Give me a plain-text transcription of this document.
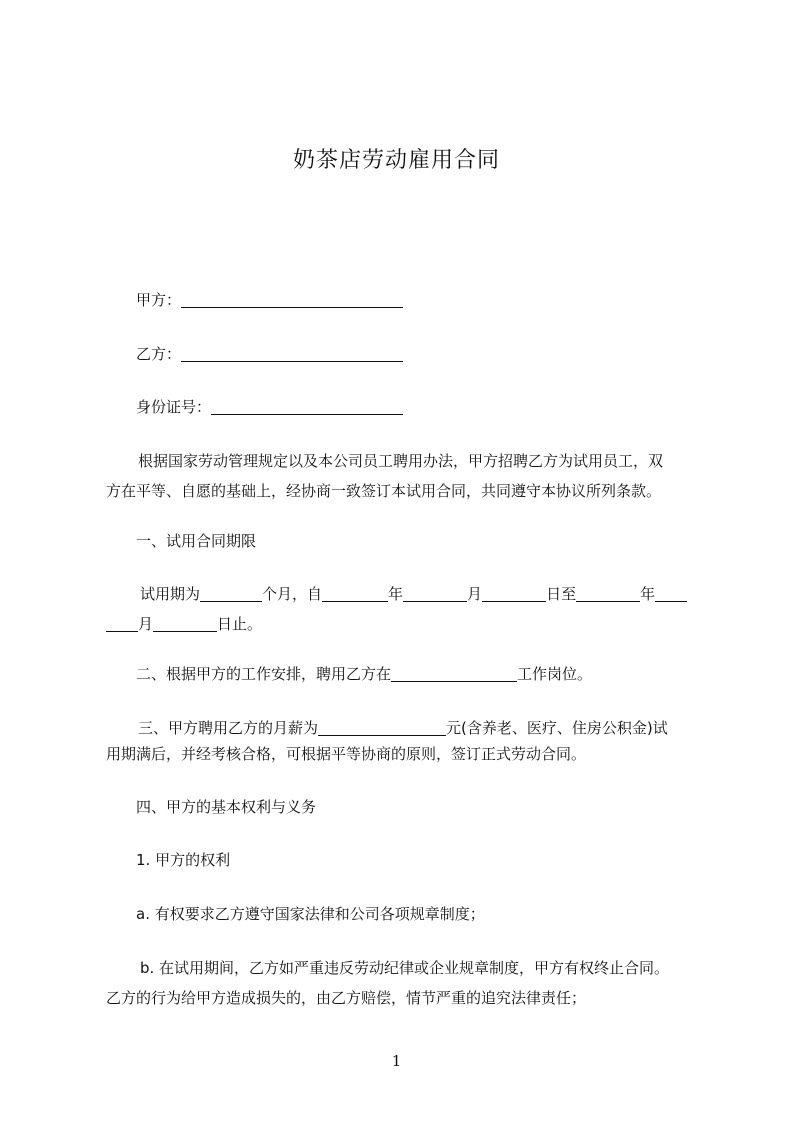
奶茶店劳动雇用合同
甲方：
乙方：
身份证号：
根据国家劳动管理规定以及本公司员工聘用办法，甲方招聘乙方为试用员工，双
方在平等、自愿的基础上，经协商一致签订本试用合同，共同遵守本协议所列条款。
一、试用合同期限
试用期为	个月，自	年	月	日至	年
月	日止。
二、根据甲方的工作安排，聘用乙方在	工作岗位。
三、甲方聘用乙方的月薪为	元(含养老、医疗、住房公积金)试
用期满后，并经考核合格，可根据平等协商的原则，签订正式劳动合同。
四、甲方的基本权利与义务
1. 甲方的权利
a. 有权要求乙方遵守国家法律和公司各项规章制度；
b. 在试用期间，乙方如严重违反劳动纪律或企业规章制度，甲方有权终止合同。
乙方的行为给甲方造成损失的，由乙方赔偿，情节严重的追究法律责任；
1
